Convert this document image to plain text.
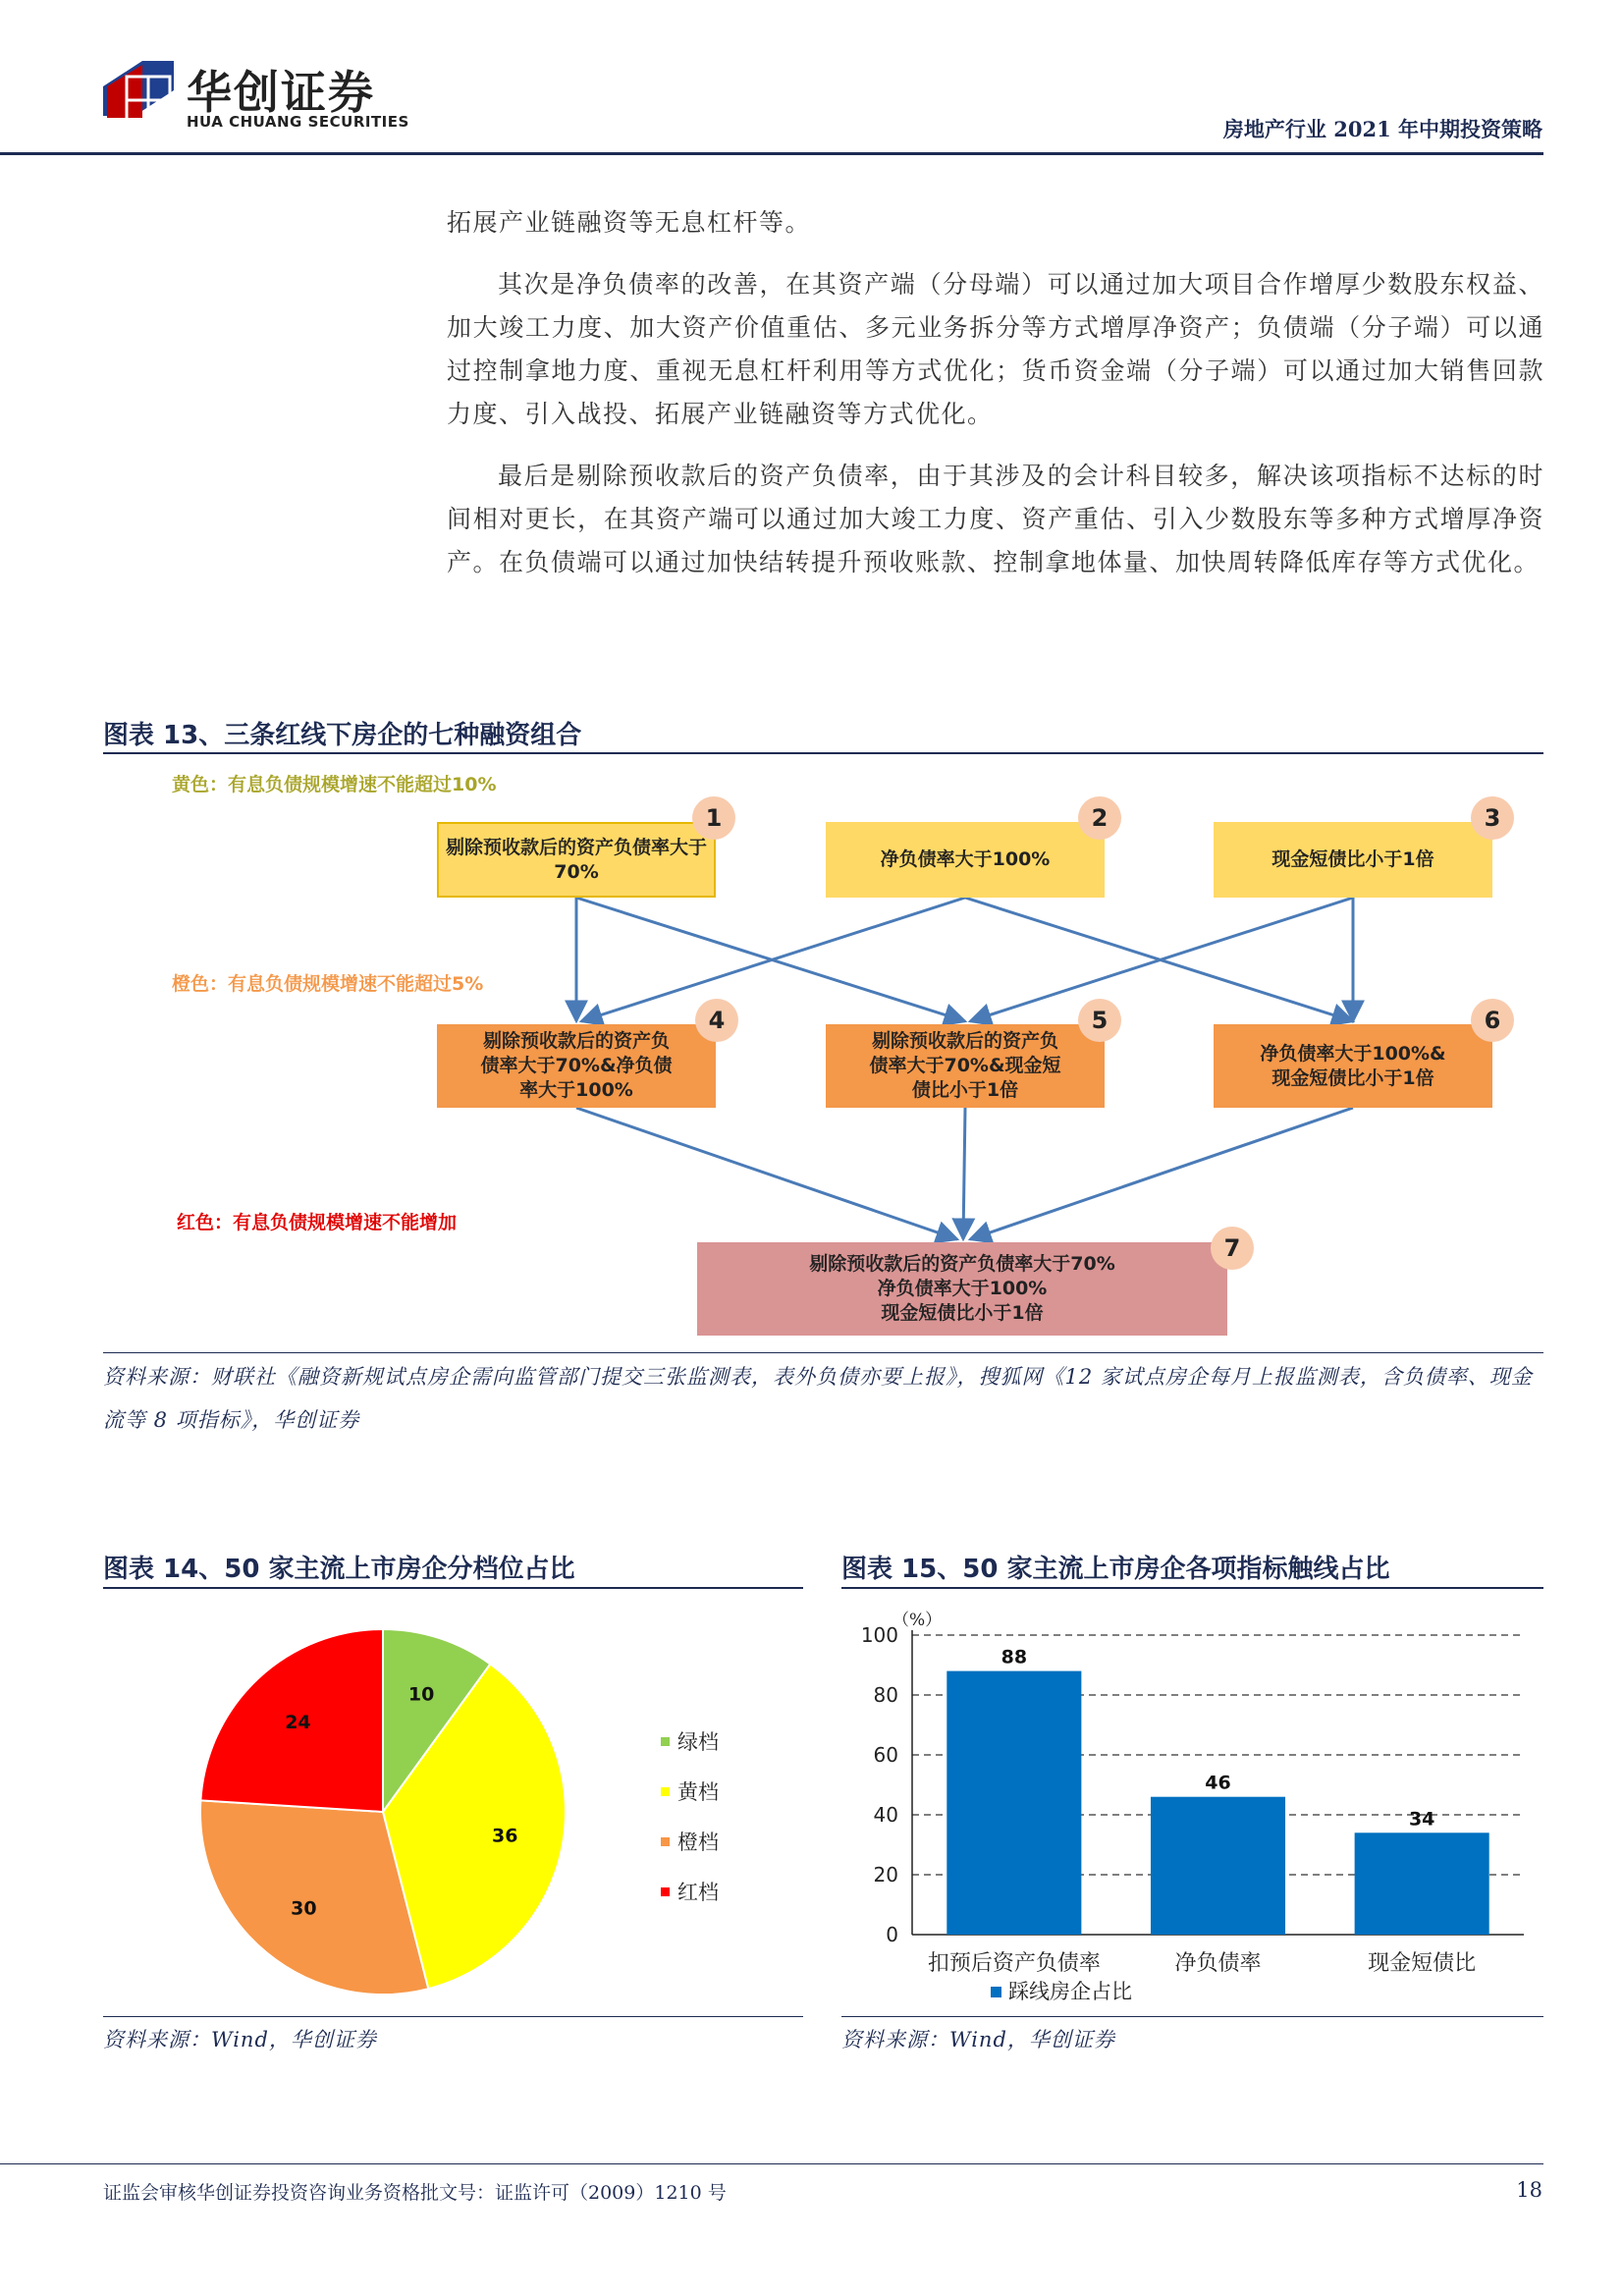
华创证券
HUA CHUANG SECURITIES	房地产行业 2021 年中期投资策略
拓展产业链融资等无息杠杆等。
其次是净负债率的改善，在其资产端（分母端）可以通过加大项目合作增厚少数股东权益、加大竣工力度、加大资产价值重估、多元业务拆分等方式增厚净资产；负债端（分子端）可以通过控制拿地力度、重视无息杠杆利用等方式优化；货币资金端（分子端）可以通过加大销售回款力度、引入战投、拓展产业链融资等方式优化。
最后是剔除预收款后的资产负债率，由于其涉及的会计科目较多，解决该项指标不达标的时间相对更长，在其资产端可以通过加大竣工力度、资产重估、引入少数股东等多种方式增厚净资产。在负债端可以通过加快结转提升预收账款、控制拿地体量、加快周转降低库存等方式优化。
图表 13、三条红线下房企的七种融资组合
黄色：有息负债规模增速不能超过10%
橙色：有息负债规模增速不能超过5%
红色：有息负债规模增速不能增加
剔除预收款后的资产负债率大于70%
净负债率大于100%	现金短债比小于1倍
剔除预收款后的资产负债率大于70%&净负债率大于100%
剔除预收款后的资产负债率大于70%&现金短债比小于1倍
净负债率大于100%&现金短债比小于1倍
剔除预收款后的资产负债率大于70%
净负债率大于100%
现金短债比小于1倍
1	2	3
4	5	6
7
资料来源：财联社《融资新规试点房企需向监管部门提交三张监测表，表外负债亦要上报》，搜狐网《12 家试点房企每月上报监测表，含负债率、现金流等 8 项指标》，华创证券
图表 14、50 家主流上市房企分档位占比
10
36
30
24
绿档
黄档
橙档
红档
资料来源：Wind，华创证券
图表 15、50 家主流上市房企各项指标触线占比
0
20
40
60
80
100
（%）
88
扣预后资产负债率
46
净负债率
34
现金短债比
踩线房企占比
资料来源：Wind，华创证券
证监会审核华创证券投资咨询业务资格批文号：证监许可（2009）1210 号	18
